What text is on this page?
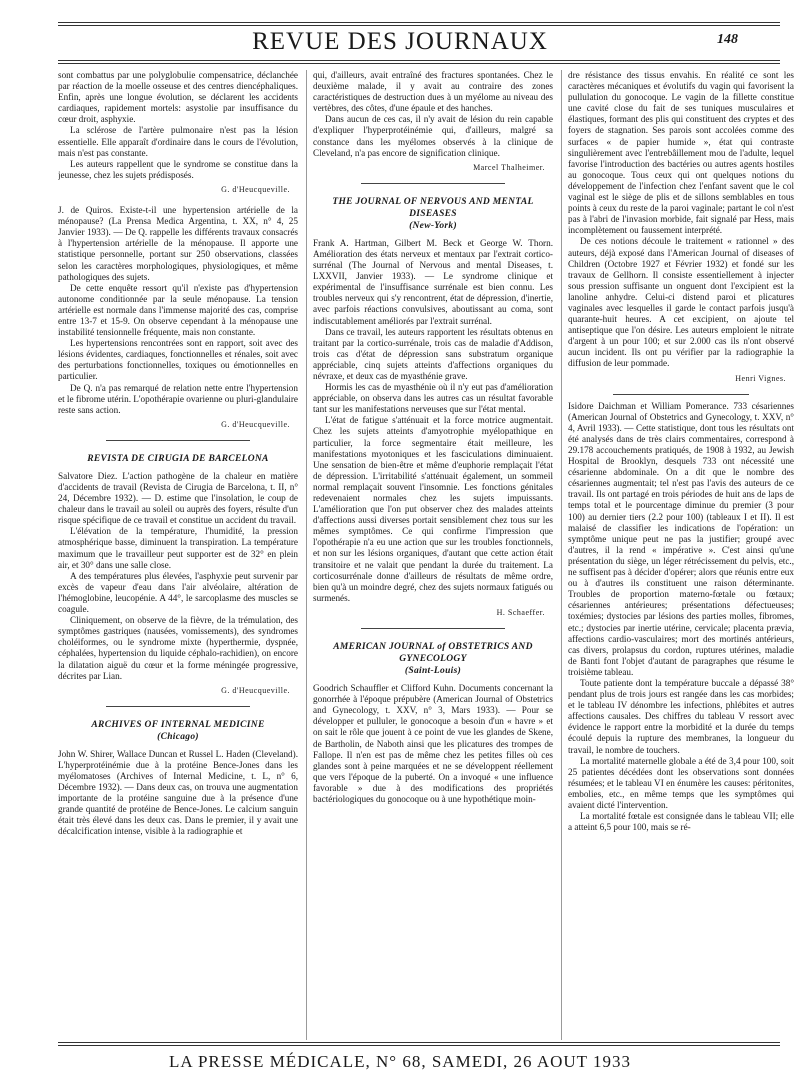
REVUE DES JOURNAUX	148

sont combattus par une polyglobulie compensatrice, déclanchée par réaction de la moelle osseuse et des centres diencéphaliques. Enfin, après une longue évolution, se déclarent les accidents cardiaques, rapidement mortels: asystolie par insuffisance du cœur droit, asphyxie.

La sclérose de l'artère pulmonaire n'est pas la lésion essentielle. Elle apparaît d'ordinaire dans le cours de l'évolution, mais n'est pas constante.

Les auteurs rappellent que le syndrome se constitue dans la jeunesse, chez les sujets prédisposés.

G. d'Heucqueville.

J. de Quiros. Existe-t-il une hypertension artérielle de la ménopause? (La Prensa Medica Argentina, t. XX, n° 4, 25 Janvier 1933). — De Q. rappelle les différents travaux consacrés à l'hypertension artérielle de la ménopause. Il apporte une statistique personnelle, portant sur 250 observations, classées selon les caractères morphologiques, physiologiques, et même pathologiques des sujets.

De cette enquête ressort qu'il n'existe pas d'hypertension autonome conditionnée par la seule ménopause. La tension artérielle est normale dans l'immense majorité des cas, comprise entre 13-7 et 15-9. On observe cependant à la ménopause une instabilité tensionnelle fréquente, mais non constante.

Les hypertensions rencontrées sont en rapport, soit avec des lésions évidentes, cardiaques, fonctionnelles et rénales, soit avec des perturbations fonctionnelles, toxiques ou émotionnelles en particulier.

De Q. n'a pas remarqué de relation nette entre l'hypertension et le fibrome utérin. L'opothérapie ovarienne ou pluri-glandulaire reste sans action.

G. d'Heucqueville.
REVISTA DE CIRUGIA DE BARCELONA

Salvatore Diez. L'action pathogène de la chaleur en matière d'accidents de travail (Revista de Cirugia de Barcelona, t. II, n° 24, Décembre 1932). — D. estime que l'insolation, le coup de chaleur dans le travail au soleil ou auprès des foyers, résulte d'un risque spécifique de ce travail et constitue un accident du travail.

L'élévation de la température, l'humidité, la pression atmosphérique basse, diminuent la transpiration. La température maximum que le travailleur peut supporter est de 32° en plein air, et 30° dans une salle close.

A des températures plus élevées, l'asphyxie peut survenir par excès de vapeur d'eau dans l'air alvéolaire, altération de l'hémoglobine, leucopénie. A 44°, le sarcoplasme des muscles se coagule.

Cliniquement, on observe de la fièvre, de la trémulation, des symptômes gastriques (nausées, vomissements), des syndromes choléiformes, ou le syndrome mixte (hyperthermie, dyspnée, céphalées, hypertension du liquide céphalo-rachidien), on encore la dilatation aiguë du cœur et la forme méningée progressive, décrites par Lian.

G. d'Heucqueville.
ARCHIVES OF INTERNAL MEDICINE
(Chicago)

John W. Shirer, Wallace Duncan et Russel L. Haden (Cleveland). L'hyperprotéinémie due à la protéine Bence-Jones dans les myélomatoses (Archives of Internal Medicine, t. L, n° 6, Décembre 1932). — Dans deux cas, on trouva une augmentation importante de la protéine sanguine due à la présence d'une grande quantité de protéine de Bence-Jones. Le calcium sanguin était très élevé dans les deux cas. Dans le premier, il y avait une décalcification intense, visible à la radiographie et

qui, d'ailleurs, avait entraîné des fractures spontanées. Chez le deuxième malade, il y avait au contraire des zones caractéristiques de destruction dues à un myélome au niveau des vertèbres, des côtes, d'une épaule et des hanches.

Dans aucun de ces cas, il n'y avait de lésion du rein capable d'expliquer l'hyperprotéinémie qui, d'ailleurs, malgré sa constance dans les myélomes observés à la clinique de Cleveland, n'a pas encore de signification clinique.

Marcel Thalheimer.
THE JOURNAL OF NERVOUS AND MENTAL DISEASES
(New-York)

Frank A. Hartman, Gilbert M. Beck et George W. Thorn. Amélioration des états nerveux et mentaux par l'extrait cortico-surrénal (The Journal of Nervous and mental Diseases, t. LXXVII, Janvier 1933). — Le syndrome clinique et expérimental de l'insuffisance surrénale est bien connu. Les troubles nerveux qui s'y rencontrent, état de dépression, d'inertie, avec parfois réactions convulsives, aboutissant au coma, sont indiscutablement améliorés par l'extrait surrénal.

Dans ce travail, les auteurs rapportent les résultats obtenus en traitant par la cortico-surrénale, trois cas de maladie d'Addison, trois cas d'état de dépression sans substratum organique appréciable, cinq sujets atteints d'affections organiques du névraxe, et deux cas de myasthénie grave.

Hormis les cas de myasthénie où il n'y eut pas d'amélioration appréciable, on observa dans les autres cas un résultat favorable tant sur les manifestations nerveuses que sur l'état mental.

L'état de fatigue s'atténuait et la force motrice augmentait. Chez les sujets atteints d'amyotrophie myélopathique en particulier, la force segmentaire était meilleure, les manifestations myotoniques et les fasciculations diminuaient. Une sensation de bien-être et même d'euphorie remplaçait l'état de dépression. L'irritabilité s'atténuait également, un sommeil normal remplaçait souvent l'insomnie. Les fonctions génitales redevenaient normales chez les sujets impuissants. L'amélioration que l'on put observer chez des malades atteints d'affections aussi diverses portait sensiblement chez tous sur les mêmes symptômes. Ce qui confirme l'impression que l'opothérapie n'a eu une action que sur les troubles fonctionnels, et non sur les lésions organiques, d'autant que cette action était transitoire et ne valait que pendant la durée du traitement. La corticosurrénale donne d'ailleurs de résultats de même ordre, bien qu'à un moindre degré, chez des sujets normaux fatigués ou surmenés.

H. Schaeffer.
AMERICAN JOURNAL of OBSTETRICS AND GYNECOLOGY
(Saint-Louis)

Goodrich Schauffler et Clifford Kuhn. Documents concernant la gonorrhée à l'époque prépubère (American Journal of Obstetrics and Gynecology, t. XXV, n° 3, Mars 1933). — Pour se développer et pulluler, le gonocoque a besoin d'un « havre » et on sait le rôle que jouent à ce point de vue les glandes de Skene, de Bartholin, de Naboth ainsi que les plicatures des trompes de Fallope. Il n'en est pas de même chez les petites filles où ces glandes sont à peine marquées et ne se développent réellement que vers l'époque de la puberté. On a invoqué « une influence favorable » due à des modifications des propriétés bactériologiques du gonocoque ou à une hypothétique moin-

dre résistance des tissus envahis. En réalité ce sont les caractères mécaniques et évolutifs du vagin qui favorisent la pullulation du gonocoque. Le vagin de la fillette constitue une cavité close du fait de ses tuniques musculaires et élastiques, formant des plis qui constituent des cryptes et des foyers de stagnation. Ses parois sont accolées comme des surfaces « de papier humide », état qui contraste singulièrement avec l'entrebâillement mou de l'adulte, lequel favorise l'introduction des bactéries ou autres agents hostiles au gonocoque. Tous ceux qui ont quelques notions du développement de l'infection chez l'enfant savent que le col vaginal est le siège de plis et de sillons semblables en tous points à ceux du reste de la paroi vaginale; partant le col n'est pas à l'abri de l'invasion morbide, fait signalé par Hess, mais incomplètement ou faussement interprété.

De ces notions découle le traitement « rationnel » des auteurs, déjà exposé dans l'American Journal of diseases of Children (Octobre 1927 et Février 1932) et fondé sur les travaux de Gellhorn. Il consiste essentiellement à injecter sous pression suffisante un onguent dont l'excipient est la lanoline anhydre. Celui-ci distend paroi et plicatures vaginales avec lesquelles il garde le contact parfois jusqu'à quarante-huit heures. A cet excipient, on ajoute tel antiseptique que l'on désire. Les auteurs emploient le nitrate d'argent à un pour 100; et sur 2.000 cas ils n'ont observé aucun incident. Ils ont pu vérifier par la radiographie la diffusion de leur pommade.

Henri Vignes.

Isidore Daichman et William Pomerance. 733 césariennes (American Journal of Obstetrics and Gynecology, t. XXV, n° 4, Avril 1933). — Cette statistique, dont tous les résultats ont été analysés dans de très clairs commentaires, correspond à 29.178 accouchements pratiqués, de 1908 à 1932, au Jewish Hospital de Brooklyn, desquels 733 ont nécessité une césarienne abdominale. On a dit que le nombre des césariennes augmentait; tel n'est pas l'avis des auteurs de ce travail. Ils ont partagé en trois périodes de huit ans de laps de temps total et le pourcentage diminue du premier (3 pour 100) au dernier tiers (2.2 pour 100) (tableaux I et II). Il est malaisé de classifier les indications de l'opération: un symptôme unique peut ne pas la justifier; groupé avec d'autres, il la rend « impérative ». C'est ainsi qu'une présentation du siège, un léger rétrécissement du pelvis, etc., ne suffisent pas à décider d'opérer; alors que réunis entre eux ou à d'autres ils constituent une raison déterminante. Troubles de proportion materno-fœtale ou fœtaux; césariennes antérieures; présentations défectueuses; toxémies; dystocies par lésions des parties molles, fibromes, etc.; dystocies par inertie utérine, cervicale; placenta prævia, affections cardio-vasculaires; mort des mortinés antérieurs, cas divers, prolapsus du cordon, ruptures utérines, maladie de Banti font l'objet d'autant de paragraphes que résume le troisième tableau.

Toute patiente dont la température buccale a dépassé 38° pendant plus de trois jours est rangée dans les cas morbides; et le tableau IV dénombre les infections, phlébites et autres affections causales. Des chiffres du tableau V ressort avec évidence le rapport entre la morbidité et la durée du temps écoulé depuis la rupture des membranes, la longueur du travail, le nombre de touchers.

La mortalité maternelle globale a été de 3,4 pour 100, soit 25 patientes décédées dont les observations sont données résumées; et le tableau VI en énumère les causes: péritonites, embolies, etc., en même temps que les symptômes qui avaient dicté l'intervention.

La mortalité fœtale est consignée dans le tableau VII; elle a atteint 6,5 pour 100, mais se ré-

LA PRESSE MÉDICALE, N° 68, SAMEDI, 26 AOUT 1933
